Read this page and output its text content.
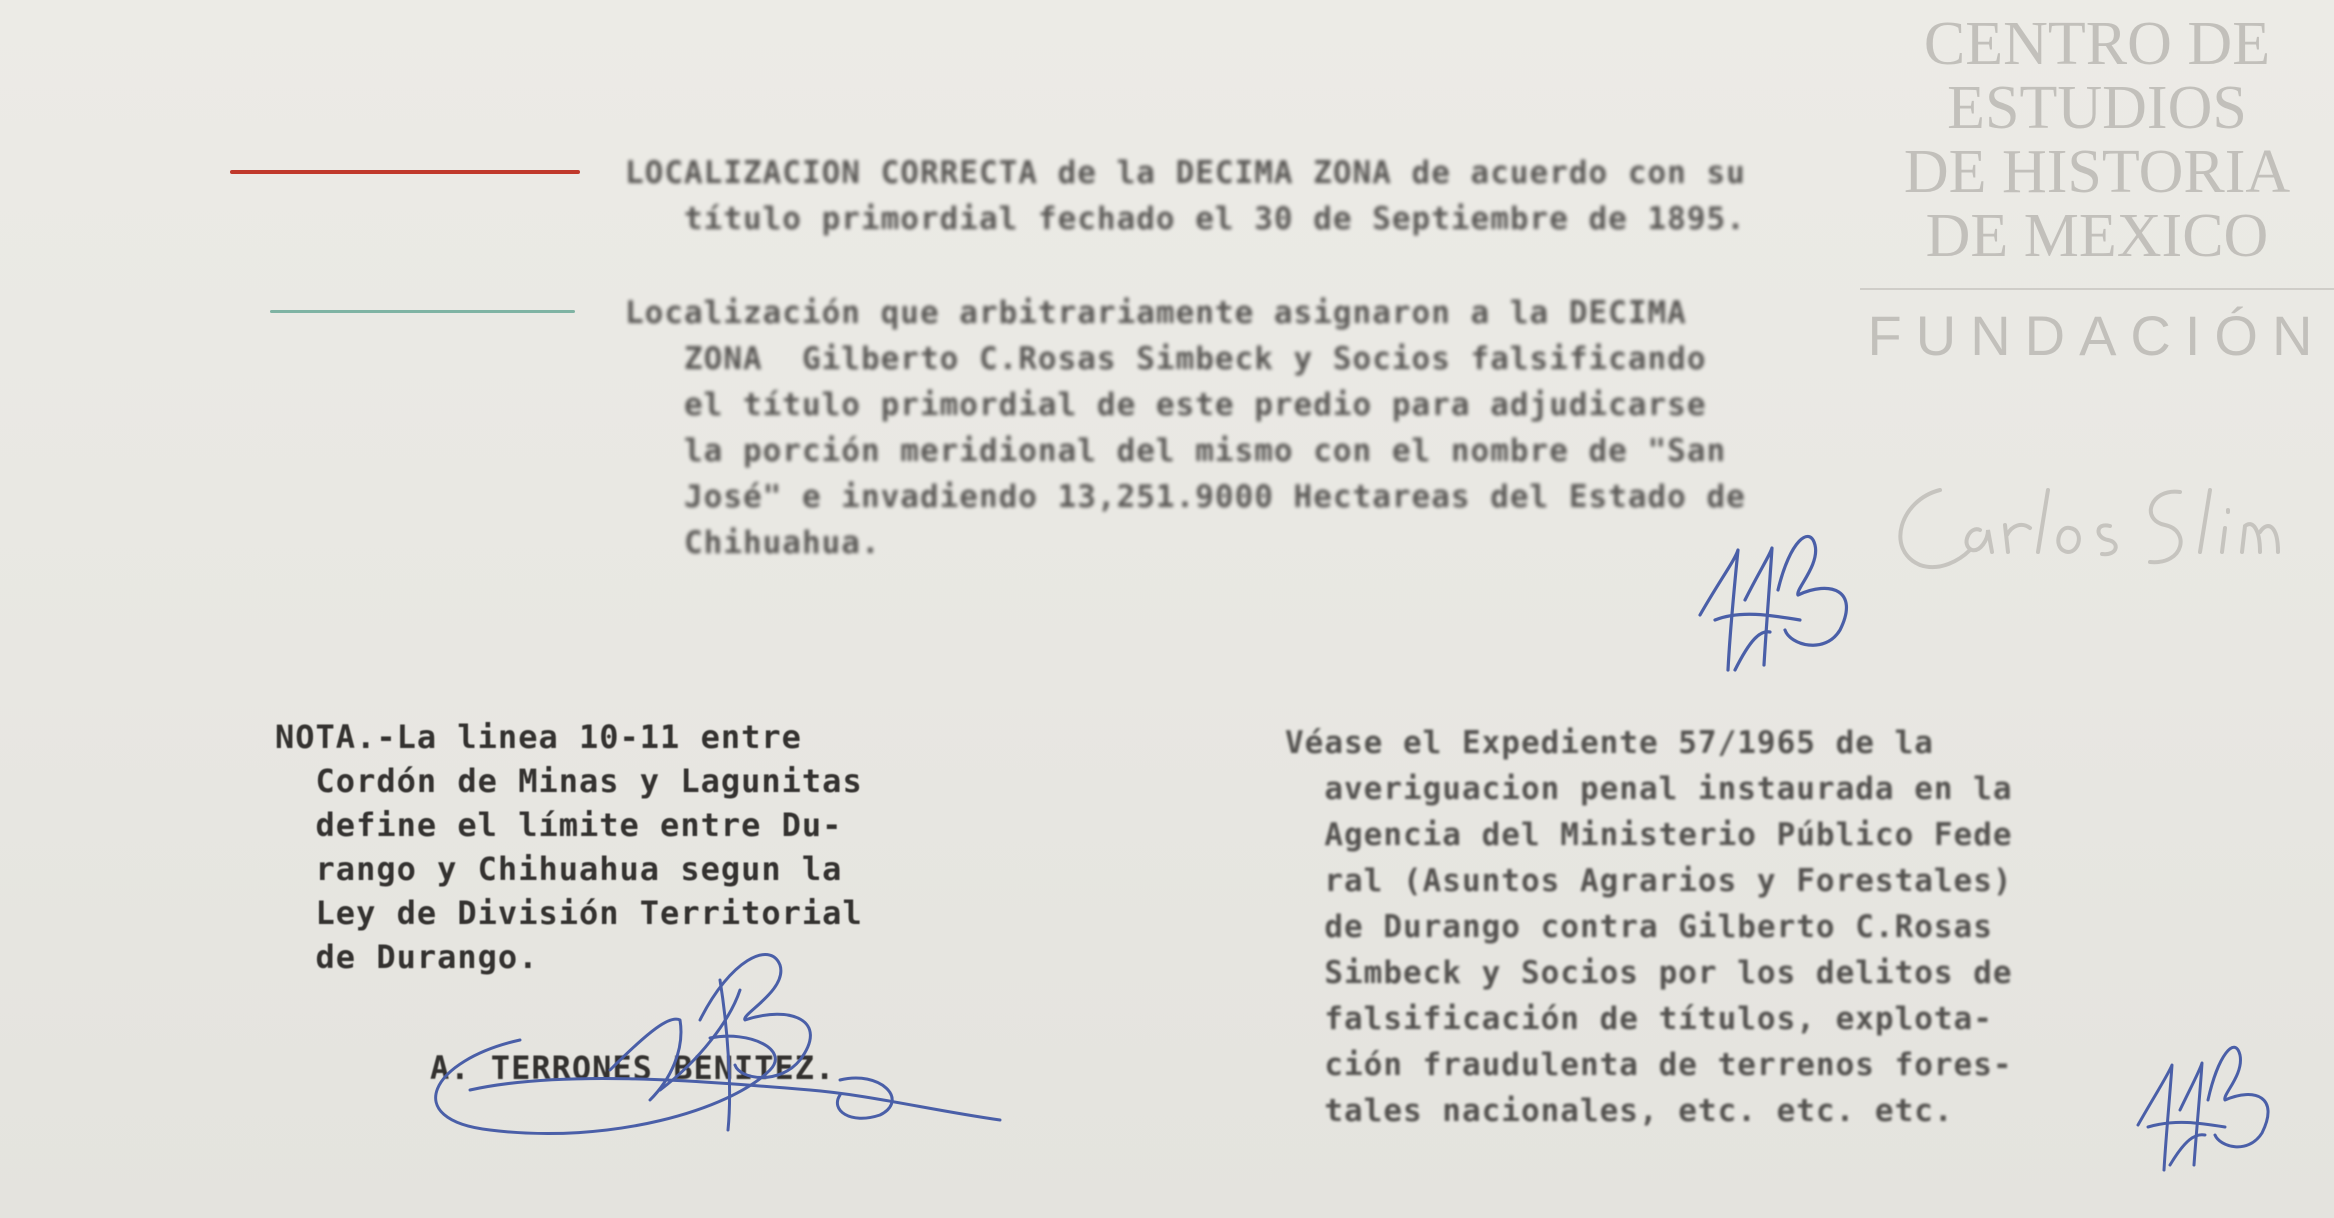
LOCALIZACION CORRECTA de la DECIMA ZONA de acuerdo con su
título primordial fechado el 30 de Septiembre de 1895.
Localización que arbitrariamente asignaron a la DECIMA
ZONA  Gilberto C.Rosas Simbeck y Socios falsificando
el título primordial de este predio para adjudicarse
la porción meridional del mismo con el nombre de "San
José" e invadiendo 13,251.9000 Hectareas del Estado de
Chihuahua.
NOTA.-La linea 10-11 entre
Cordón de Minas y Lagunitas
define el límite entre Du-
rango y Chihuahua segun la
Ley de División Territorial
de Durango.
A. TERRONES BENITEZ.
Véase el Expediente 57/1965 de la
averiguacion penal instaurada en la
Agencia del Ministerio Público Fede
ral (Asuntos Agrarios y Forestales)
de Durango contra Gilberto C.Rosas
Simbeck y Socios por los delitos de
falsificación de títulos, explota-
ción fraudulenta de terrenos fores-
tales nacionales, etc. etc. etc.
CENTRO DE
ESTUDIOS
DE HISTORIA
DE MEXICO
FUNDACIÓN
